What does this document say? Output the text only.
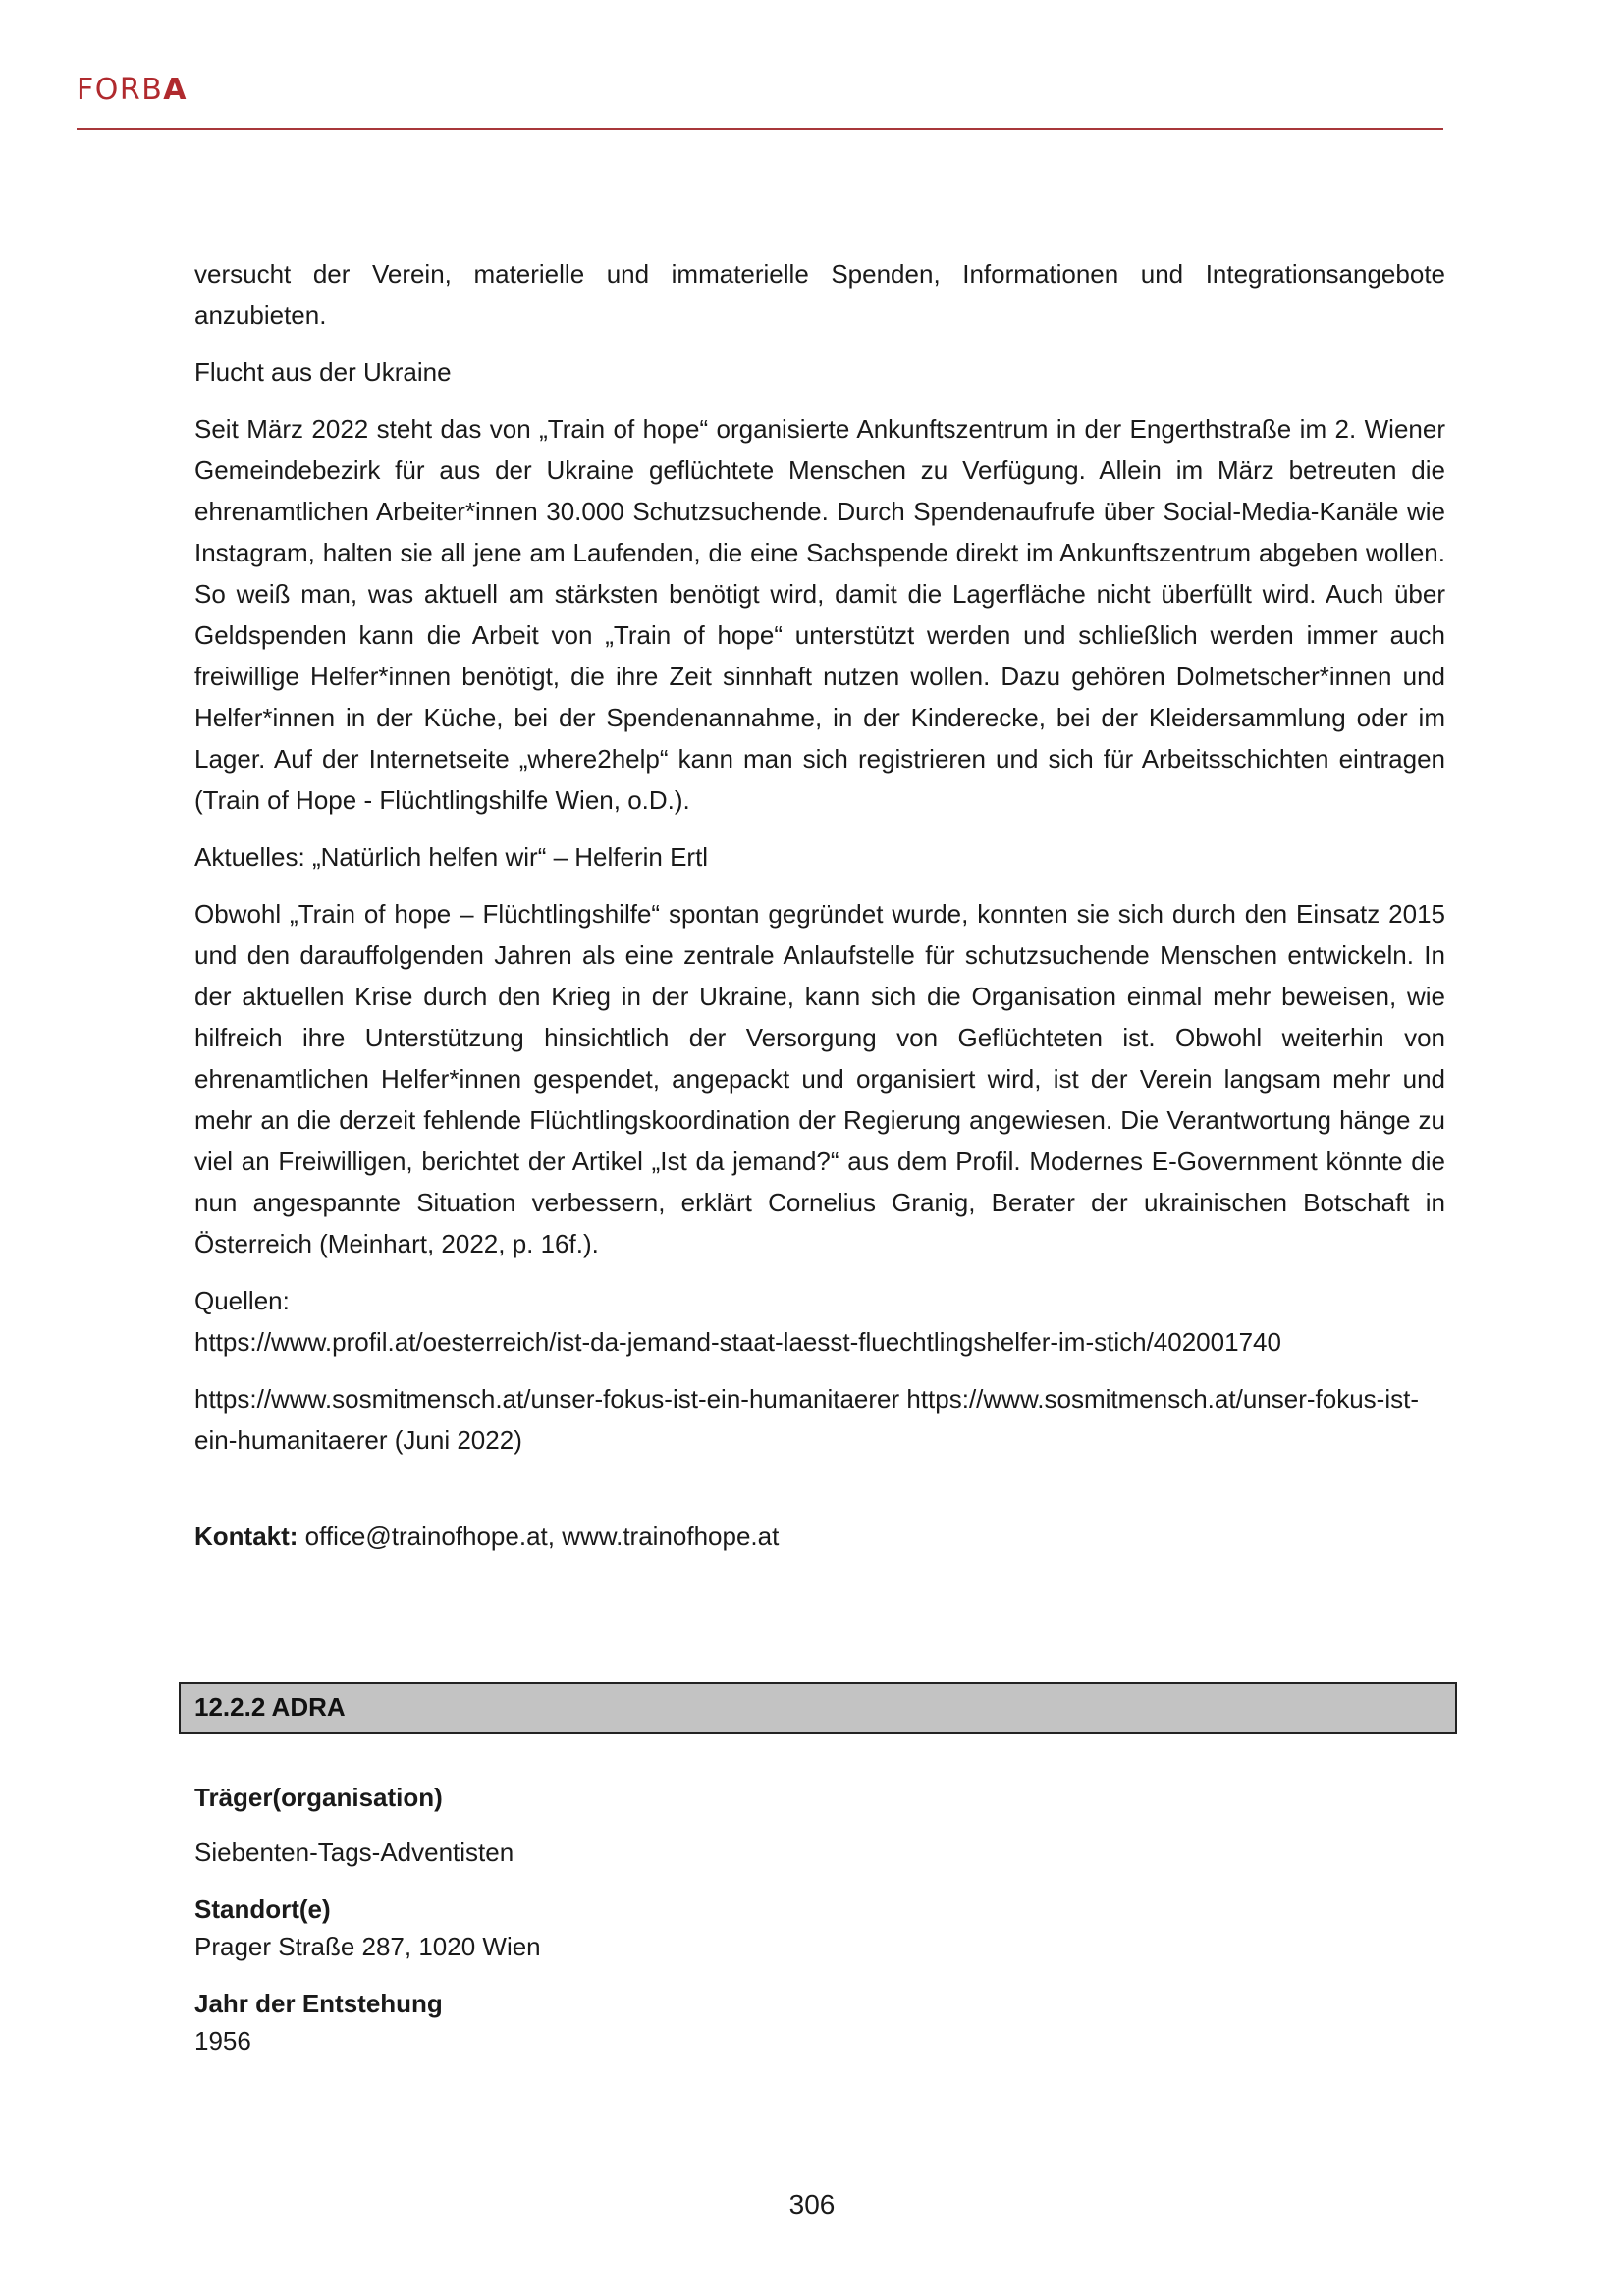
FORBA

versucht der Verein, materielle und immaterielle Spenden, Informationen und Integrationsangebote anzubieten.

Flucht aus der Ukraine

Seit März 2022 steht das von „Train of hope“ organisierte Ankunftszentrum in der Engerthstraße im 2. Wiener Gemeindebezirk für aus der Ukraine geflüchtete Menschen zu Verfügung. Allein im März betreuten die ehrenamtlichen Arbeiter*innen 30.000 Schutzsuchende. Durch Spendenaufrufe über Social-Media-Kanäle wie Instagram, halten sie all jene am Laufenden, die eine Sachspende direkt im Ankunftszentrum abgeben wollen. So weiß man, was aktuell am stärksten benötigt wird, damit die Lagerfläche nicht überfüllt wird. Auch über Geldspenden kann die Arbeit von „Train of hope“ unterstützt werden und schließlich werden immer auch freiwillige Helfer*innen benötigt, die ihre Zeit sinnhaft nutzen wollen. Dazu gehören Dolmetscher*innen und Helfer*innen in der Küche, bei der Spendenannahme, in der Kinderecke, bei der Kleidersammlung oder im Lager. Auf der Internetseite „where2help“ kann man sich registrieren und sich für Arbeitsschichten eintragen (Train of Hope - Flüchtlingshilfe Wien, o.D.).

Aktuelles: „Natürlich helfen wir“ – Helferin Ertl

Obwohl „Train of hope – Flüchtlingshilfe“ spontan gegründet wurde, konnten sie sich durch den Einsatz 2015 und den darauffolgenden Jahren als eine zentrale Anlaufstelle für schutzsuchende Menschen entwickeln. In der aktuellen Krise durch den Krieg in der Ukraine, kann sich die Organisation einmal mehr beweisen, wie hilfreich ihre Unterstützung hinsichtlich der Versorgung von Geflüchteten ist. Obwohl weiterhin von ehrenamtlichen Helfer*innen gespendet, angepackt und organisiert wird, ist der Verein langsam mehr und mehr an die derzeit fehlende Flüchtlingskoordination der Regierung angewiesen. Die Verantwortung hänge zu viel an Freiwilligen, berichtet der Artikel „Ist da jemand?“ aus dem Profil. Modernes E-Government könnte die nun angespannte Situation verbessern, erklärt Cornelius Granig, Berater der ukrainischen Botschaft in Österreich (Meinhart, 2022, p. 16f.).

Quellen:

https://www.profil.at/oesterreich/ist-da-jemand-staat-laesst-fluechtlingshelfer-im-stich/402001740

https://www.sosmitmensch.at/unser-fokus-ist-ein-humanitaerer https://www.sosmitmensch.at/unser-fokus-ist-ein-humanitaerer (Juni 2022)

Kontakt: office@trainofhope.at, www.trainofhope.at

12.2.2 ADRA

Träger(organisation)

Siebenten-Tags-Adventisten

Standort(e)

Prager Straße 287, 1020 Wien

Jahr der Entstehung

1956

306
